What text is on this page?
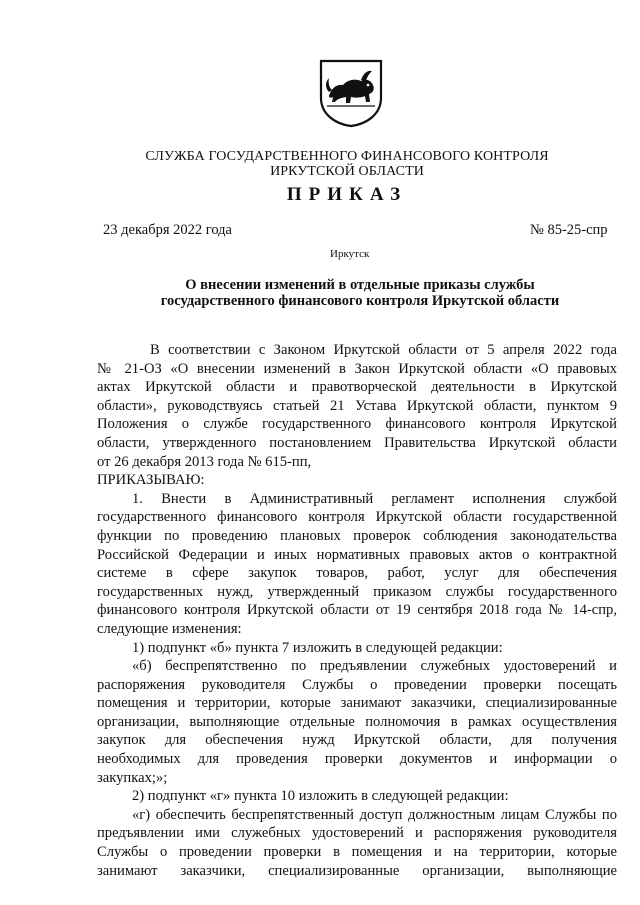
СЛУЖБА ГОСУДАРСТВЕННОГО ФИНАНСОВОГО КОНТРОЛЯ
ИРКУТСКОЙ ОБЛАСТИ
ПРИКАЗ
23 декабря 2022 года	№ 85-25-спр
Иркутск
О внесении изменений в отдельные приказы службы
государственного финансового контроля Иркутской области
В соответствии с Законом Иркутской области от 5 апреля 2022 года
№ 21-ОЗ «О внесении изменений в Закон Иркутской области «О правовых
актах Иркутской области и правотворческой деятельности в Иркутской
области», руководствуясь статьей 21 Устава Иркутской области, пунктом 9
Положения о службе государственного финансового контроля Иркутской
области, утвержденного постановлением Правительства Иркутской области
от 26 декабря 2013 года № 615-пп,
ПРИКАЗЫВАЮ:
1. Внести в Административный регламент исполнения службой
государственного финансового контроля Иркутской области государственной
функции по проведению плановых проверок соблюдения законодательства
Российской Федерации и иных нормативных правовых актов о контрактной
системе в сфере закупок товаров, работ, услуг для обеспечения
государственных нужд, утвержденный приказом службы государственного
финансового контроля Иркутской области от 19 сентября 2018 года № 14-спр,
следующие изменения:
1) подпункт «б» пункта 7 изложить в следующей редакции:
«б) беспрепятственно по предъявлении служебных удостоверений и
распоряжения руководителя Службы о проведении проверки посещать
помещения и территории, которые занимают заказчики, специализированные
организации, выполняющие отдельные полномочия в рамках осуществления
закупок для обеспечения нужд Иркутской области, для получения
необходимых для проведения проверки документов и информации о
закупках;»;
2) подпункт «г» пункта 10 изложить в следующей редакции:
«г) обеспечить беспрепятственный доступ должностным лицам Службы по
предъявлении ими служебных удостоверений и распоряжения руководителя
Службы о проведении проверки в помещения и на территории, которые
занимают заказчики, специализированные организации, выполняющие
